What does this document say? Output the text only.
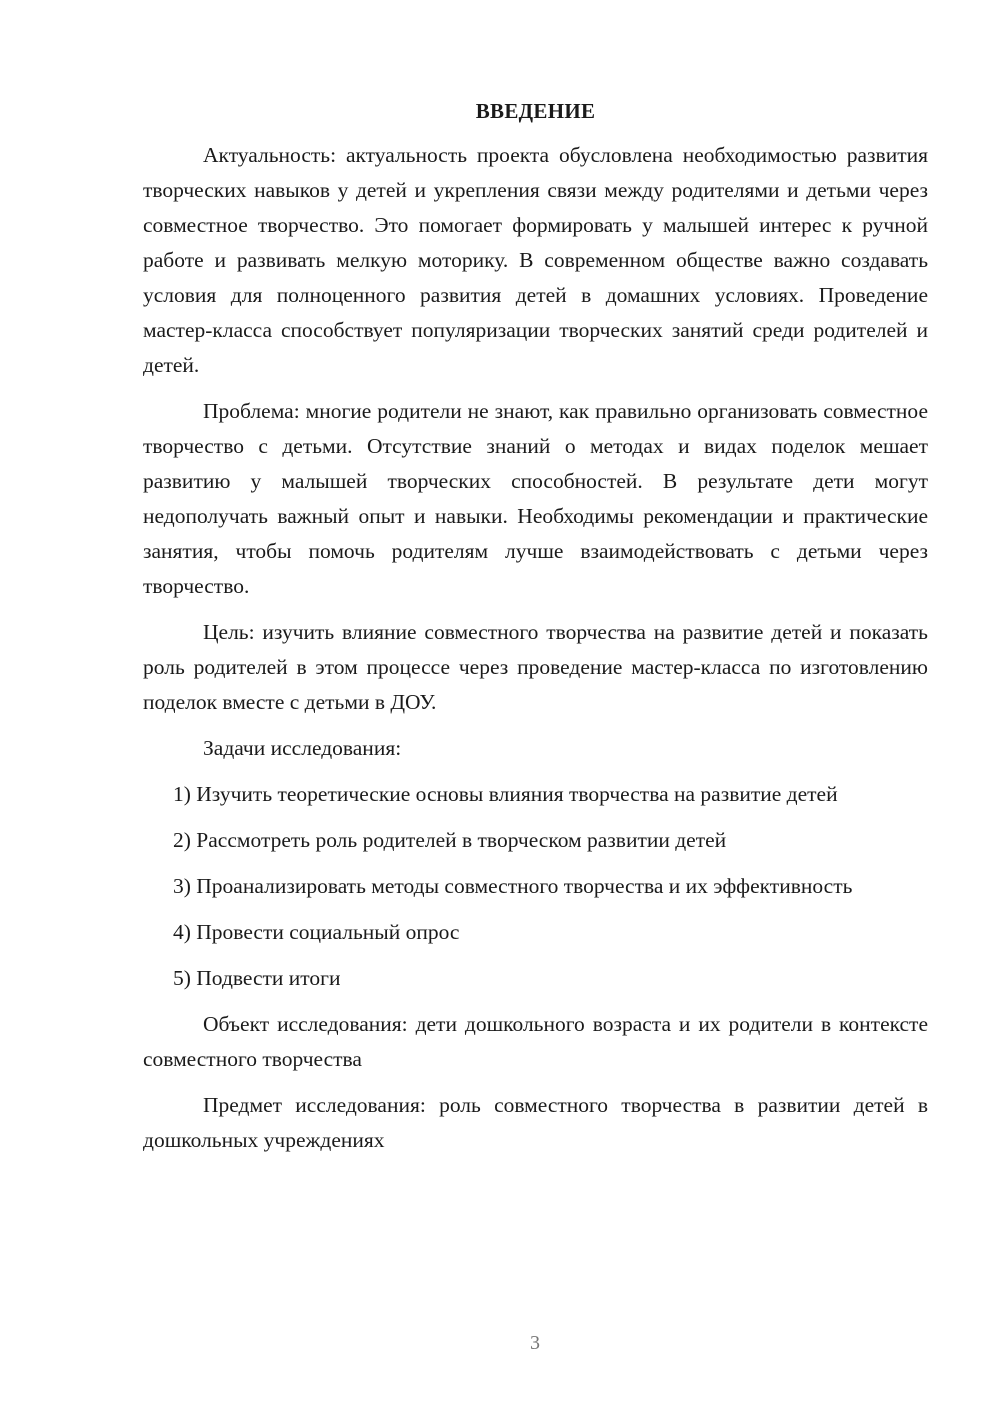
ВВЕДЕНИЕ

Актуальность: актуальность проекта обусловлена необходимостью развития творческих навыков у детей и укрепления связи между родителями и детьми через совместное творчество. Это помогает формировать у малышей интерес к ручной работе и развивать мелкую моторику. В современном обществе важно создавать условия для полноценного развития детей в домашних условиях. Проведение мастер-класса способствует популяризации творческих занятий среди родителей и детей.

Проблема: многие родители не знают, как правильно организовать совместное творчество с детьми. Отсутствие знаний о методах и видах поделок мешает развитию у малышей творческих способностей. В результате дети могут недополучать важный опыт и навыки. Необходимы рекомендации и практические занятия, чтобы помочь родителям лучше взаимодействовать с детьми через творчество.

Цель: изучить влияние совместного творчества на развитие детей и показать роль родителей в этом процессе через проведение мастер-класса по изготовлению поделок вместе с детьми в ДОУ.

Задачи исследования:

1) Изучить теоретические основы влияния творчества на развитие детей

2) Рассмотреть роль родителей в творческом развитии детей

3) Проанализировать методы совместного творчества и их эффективность

4) Провести социальный опрос

5) Подвести итоги

Объект исследования: дети дошкольного возраста и их родители в контексте совместного творчества

Предмет исследования: роль совместного творчества в развитии детей в дошкольных учреждениях

3
